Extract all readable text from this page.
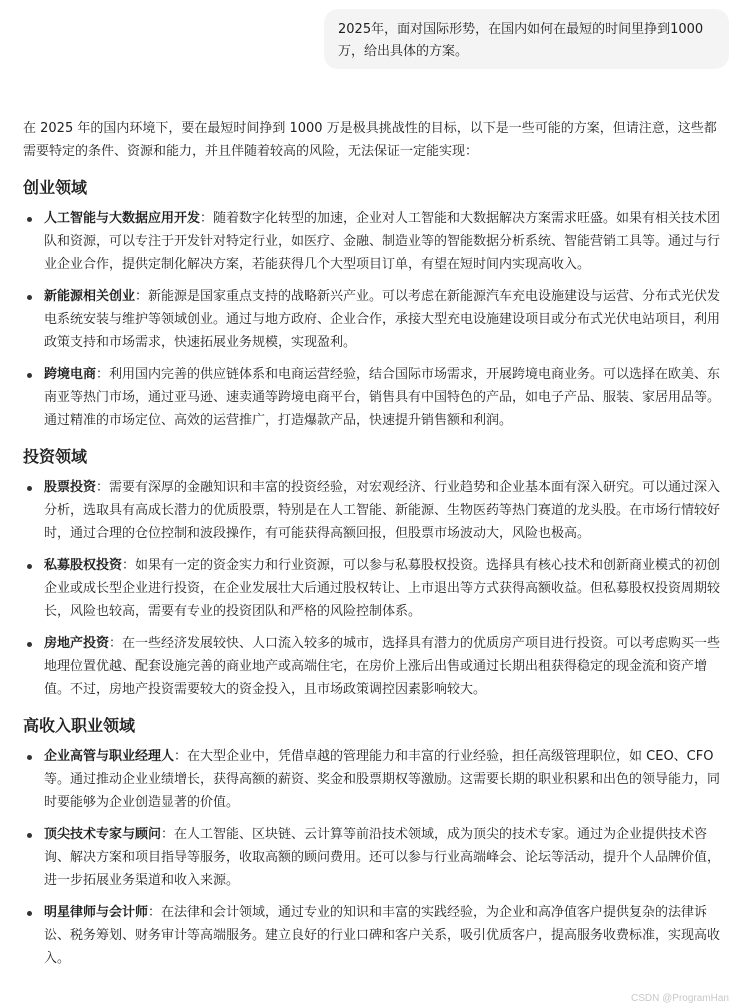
2025年，面对国际形势，在国内如何在最短的时间里挣到1000万，给出具体的方案。

在 2025 年的国内环境下，要在最短时间挣到 1000 万是极具挑战性的目标，以下是一些可能的方案，但请注意，这些都需要特定的条件、资源和能力，并且伴随着较高的风险，无法保证一定能实现：

创业领域
人工智能与大数据应用开发：随着数字化转型的加速，企业对人工智能和大数据解决方案需求旺盛。如果有相关技术团队和资源，可以专注于开发针对特定行业，如医疗、金融、制造业等的智能数据分析系统、智能营销工具等。通过与行业企业合作，提供定制化解决方案，若能获得几个大型项目订单，有望在短时间内实现高收入。
新能源相关创业：新能源是国家重点支持的战略新兴产业。可以考虑在新能源汽车充电设施建设与运营、分布式光伏发电系统安装与维护等领域创业。通过与地方政府、企业合作，承接大型充电设施建设项目或分布式光伏电站项目，利用政策支持和市场需求，快速拓展业务规模，实现盈利。
跨境电商：利用国内完善的供应链体系和电商运营经验，结合国际市场需求，开展跨境电商业务。可以选择在欧美、东南亚等热门市场，通过亚马逊、速卖通等跨境电商平台，销售具有中国特色的产品，如电子产品、服装、家居用品等。通过精准的市场定位、高效的运营推广，打造爆款产品，快速提升销售额和利润。
投资领域
股票投资：需要有深厚的金融知识和丰富的投资经验，对宏观经济、行业趋势和企业基本面有深入研究。可以通过深入分析，选取具有高成长潜力的优质股票，特别是在人工智能、新能源、生物医药等热门赛道的龙头股。在市场行情较好时，通过合理的仓位控制和波段操作，有可能获得高额回报，但股票市场波动大，风险也极高。
私募股权投资：如果有一定的资金实力和行业资源，可以参与私募股权投资。选择具有核心技术和创新商业模式的初创企业或成长型企业进行投资，在企业发展壮大后通过股权转让、上市退出等方式获得高额收益。但私募股权投资周期较长，风险也较高，需要有专业的投资团队和严格的风险控制体系。
房地产投资：在一些经济发展较快、人口流入较多的城市，选择具有潜力的优质房产项目进行投资。可以考虑购买一些地理位置优越、配套设施完善的商业地产或高端住宅，在房价上涨后出售或通过长期出租获得稳定的现金流和资产增值。不过，房地产投资需要较大的资金投入，且市场政策调控因素影响较大。
高收入职业领域
企业高管与职业经理人：在大型企业中，凭借卓越的管理能力和丰富的行业经验，担任高级管理职位，如 CEO、CFO 等。通过推动企业业绩增长，获得高额的薪资、奖金和股票期权等激励。这需要长期的职业积累和出色的领导能力，同时要能够为企业创造显著的价值。
顶尖技术专家与顾问：在人工智能、区块链、云计算等前沿技术领域，成为顶尖的技术专家。通过为企业提供技术咨询、解决方案和项目指导等服务，收取高额的顾问费用。还可以参与行业高端峰会、论坛等活动，提升个人品牌价值，进一步拓展业务渠道和收入来源。
明星律师与会计师：在法律和会计领域，通过专业的知识和丰富的实践经验，为企业和高净值客户提供复杂的法律诉讼、税务筹划、财务审计等高端服务。建立良好的行业口碑和客户关系，吸引优质客户，提高服务收费标准，实现高收入。
CSDN @ProgramHan
